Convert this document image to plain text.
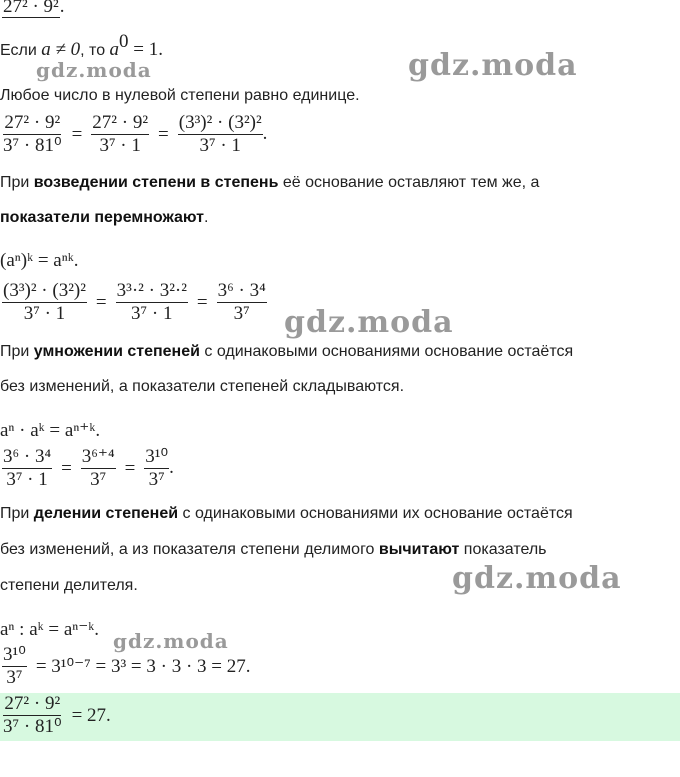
gdz.moda	gdz.moda
gdz.moda
gdz.moda
gdz.moda
27² · 9².
Если a ≠ 0, то $a^0 = 1$.
Любое число в нулевой степени равно единице.
$\frac{\text{27² · 9²}}{\text{3⁷ · 81⁰}} = \frac{\text{27² · 9²}}{\text{3⁷ · 1}} = \frac{\text{(3³)² · (3²)²}}{\text{3⁷ · 1}}$ .
При возведении степени в степень её основание оставляют тем же, а
показатели перемножают.
(aⁿ)ᵏ = aⁿᵏ.
$\frac{\text{(3³)² · (3²)²}}{\text{3⁷ · 1}} = \frac{\text{3³·² · 3²·²}}{\text{3⁷ · 1}} = \frac{\text{3⁶ · 3⁴}}{\text{3⁷}}$
При умножении степеней с одинаковыми основаниями основание остаётся
без изменений, а показатели степеней складываются.
aⁿ · aᵏ = aⁿ⁺ᵏ.
$\frac{\text{3⁶ · 3⁴}}{\text{3⁷ · 1}} = \frac{\text{3⁶⁺⁴}}{\text{3⁷}} = \frac{\text{3¹⁰}}{\text{3⁷}}$ .
При делении степеней с одинаковыми основаниями их основание остаётся
без изменений, а из показателя степени делимого вычитают показатель
степени делителя.
aⁿ : aᵏ = aⁿ⁻ᵏ.
$\frac{\text{3¹⁰}}{\text{3⁷}} = 3^{10-7} = 3^3 = 3 \cdot 3 \cdot 3 = 27$.
$\frac{\text{27² · 9²}}{\text{3⁷ · 81⁰}} = 27$.
